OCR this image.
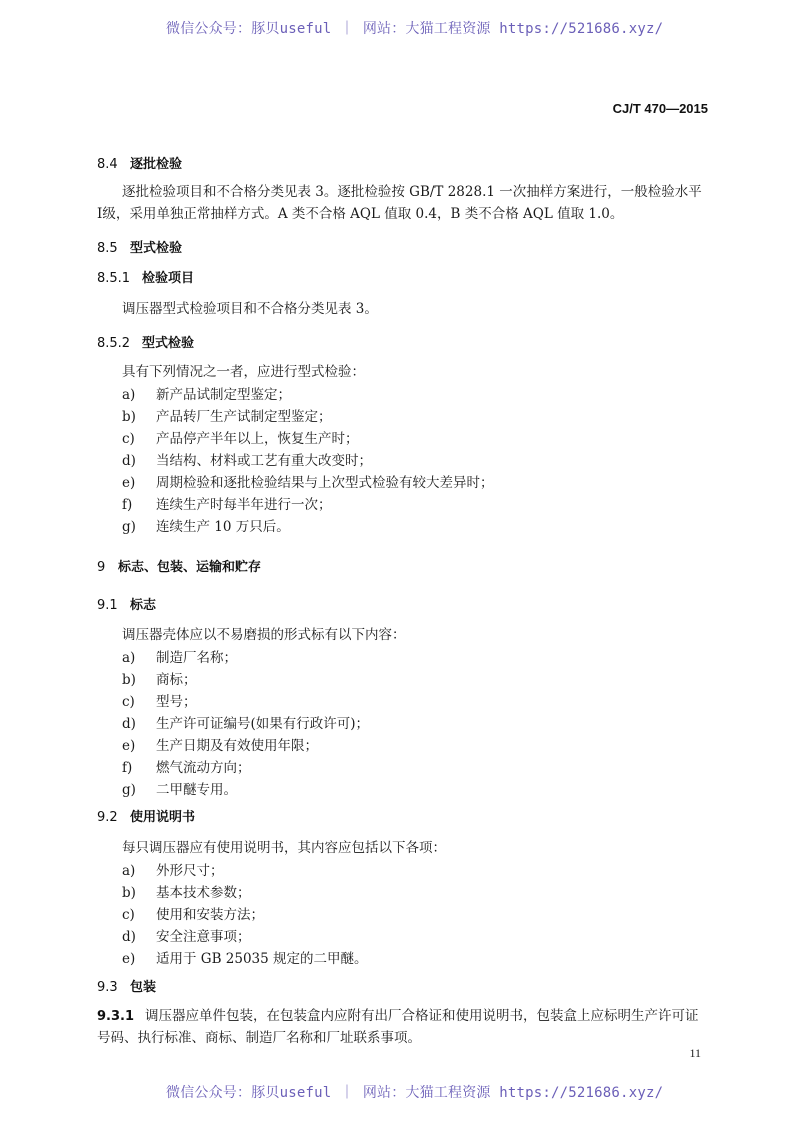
微信公众号：豚贝useful ｜ 网站：大猫工程资源 https://521686.xyz/
微信公众号：豚贝useful ｜ 网站：大猫工程资源 https://521686.xyz/
CJ/T 470—2015
8.4 逐批检验
逐批检验项目和不合格分类见表 3。逐批检验按 GB/T 2828.1 一次抽样方案进行，一般检验水平
Ⅰ级，采用单独正常抽样方式。A 类不合格 AQL 值取 0.4，B 类不合格 AQL 值取 1.0。
8.5 型式检验
8.5.1 检验项目
调压器型式检验项目和不合格分类见表 3。
8.5.2 型式检验
具有下列情况之一者，应进行型式检验：
a) 新产品试制定型鉴定；
b) 产品转厂生产试制定型鉴定；
c) 产品停产半年以上，恢复生产时；
d) 当结构、材料或工艺有重大改变时；
e) 周期检验和逐批检验结果与上次型式检验有较大差异时；
f) 连续生产时每半年进行一次；
g) 连续生产 10 万只后。
9 标志、包装、运输和贮存
9.1 标志
调压器壳体应以不易磨损的形式标有以下内容：
a) 制造厂名称；
b) 商标；
c) 型号；
d) 生产许可证编号(如果有行政许可)；
e) 生产日期及有效使用年限；
f) 燃气流动方向；
g) 二甲醚专用。
9.2 使用说明书
每只调压器应有使用说明书，其内容应包括以下各项：
a) 外形尺寸；
b) 基本技术参数；
c) 使用和安装方法；
d) 安全注意事项；
e) 适用于 GB 25035 规定的二甲醚。
9.3 包装
9.3.1 调压器应单件包装，在包装盒内应附有出厂合格证和使用说明书，包装盒上应标明生产许可证
号码、执行标准、商标、制造厂名称和厂址联系事项。
11
